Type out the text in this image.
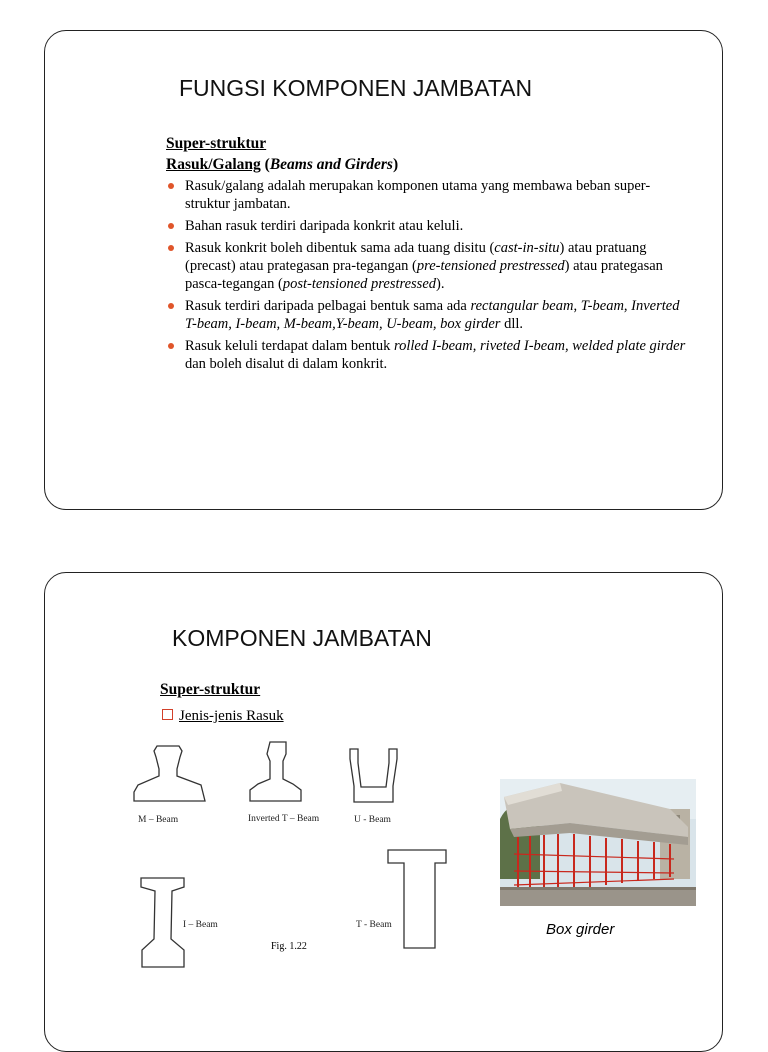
FUNGSI KOMPONEN JAMBATAN
Super-struktur
Rasuk/Galang (Beams and Girders)
Rasuk/galang adalah merupakan komponen utama yang membawa beban super-struktur jambatan.
Bahan rasuk terdiri daripada konkrit atau keluli.
Rasuk konkrit boleh dibentuk sama ada tuang disitu (cast-in-situ) atau pratuang (precast) atau prategasan pra-tegangan (pre-tensioned prestressed) atau prategasan pasca-tegangan (post-tensioned prestressed).
Rasuk terdiri daripada pelbagai bentuk sama ada rectangular beam, T-beam, Inverted T-beam, I-beam, M-beam,Y-beam, U-beam, box girder dll.
Rasuk keluli terdapat dalam bentuk rolled I-beam, riveted I-beam, welded plate girder dan boleh disalut di dalam konkrit.
KOMPONEN JAMBATAN
Super-struktur
Jenis-jenis Rasuk
M – Beam	Inverted T – Beam	U - Beam
I – Beam	T - Beam
Fig. 1.22
Box girder
